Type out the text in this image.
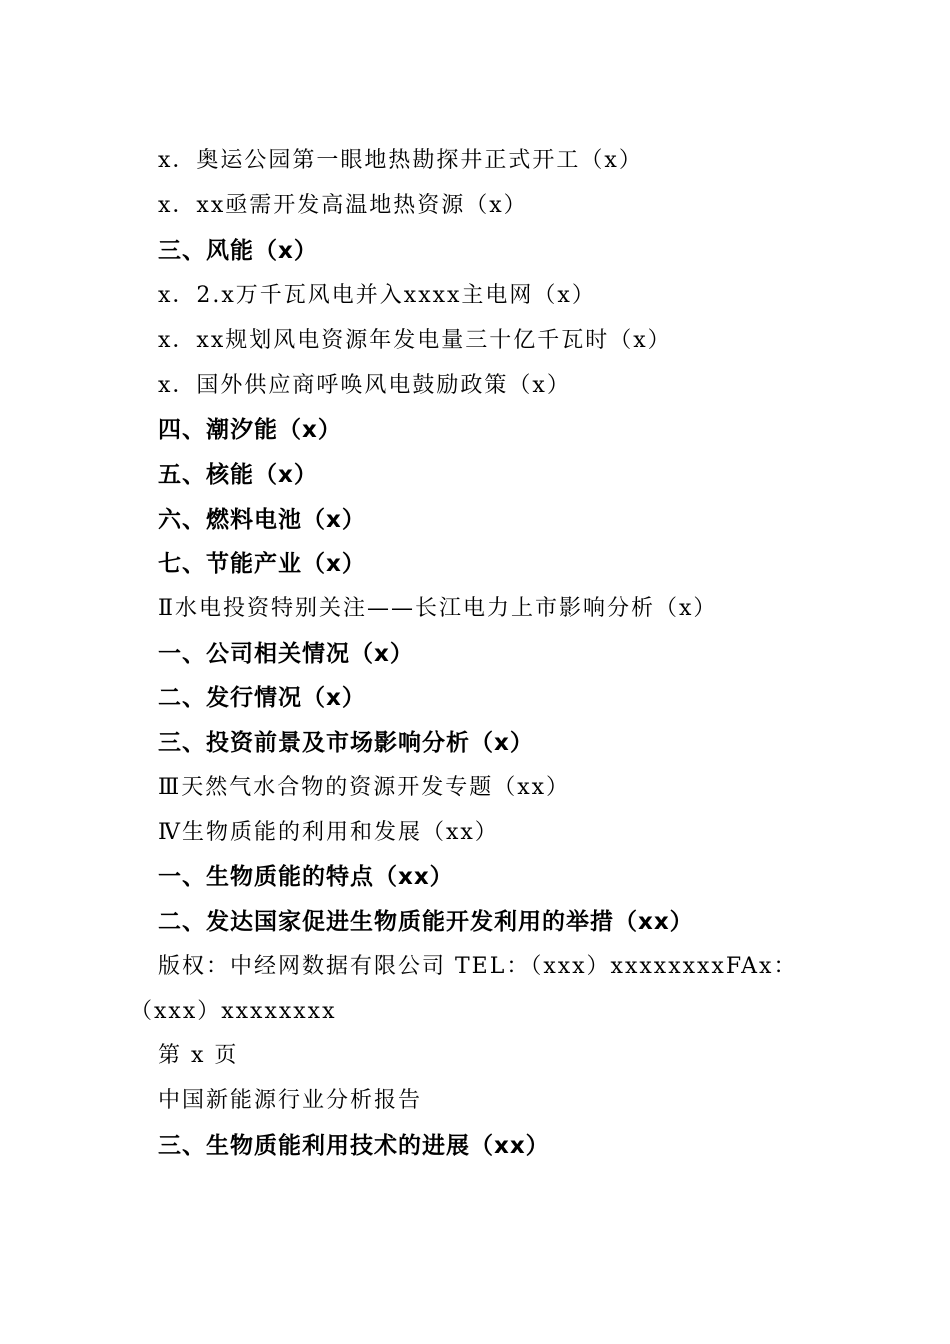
x．奥运公园第一眼地热勘探井正式开工（x）
x．xx亟需开发高温地热资源（x）
三、风能（x）
x．2.x万千瓦风电并入xxxx主电网（x）
x．xx规划风电资源年发电量三十亿千瓦时（x）
x．国外供应商呼唤风电鼓励政策（x）
四、潮汐能（x）
五、核能（x）
六、燃料电池（x）
七、节能产业（x）
Ⅱ水电投资特别关注——长江电力上市影响分析（x）
一、公司相关情况（x）
二、发行情况（x）
三、投资前景及市场影响分析（x）
Ⅲ天然气水合物的资源开发专题（xx）
Ⅳ生物质能的利用和发展（xx）
一、生物质能的特点（xx）
二、发达国家促进生物质能开发利用的举措（xx）
版权：中经网数据有限公司 TEL：（xxx）xxxxxxxxFAx：
（xxx）xxxxxxxx
第 x 页
中国新能源行业分析报告
三、生物质能利用技术的进展（xx）
